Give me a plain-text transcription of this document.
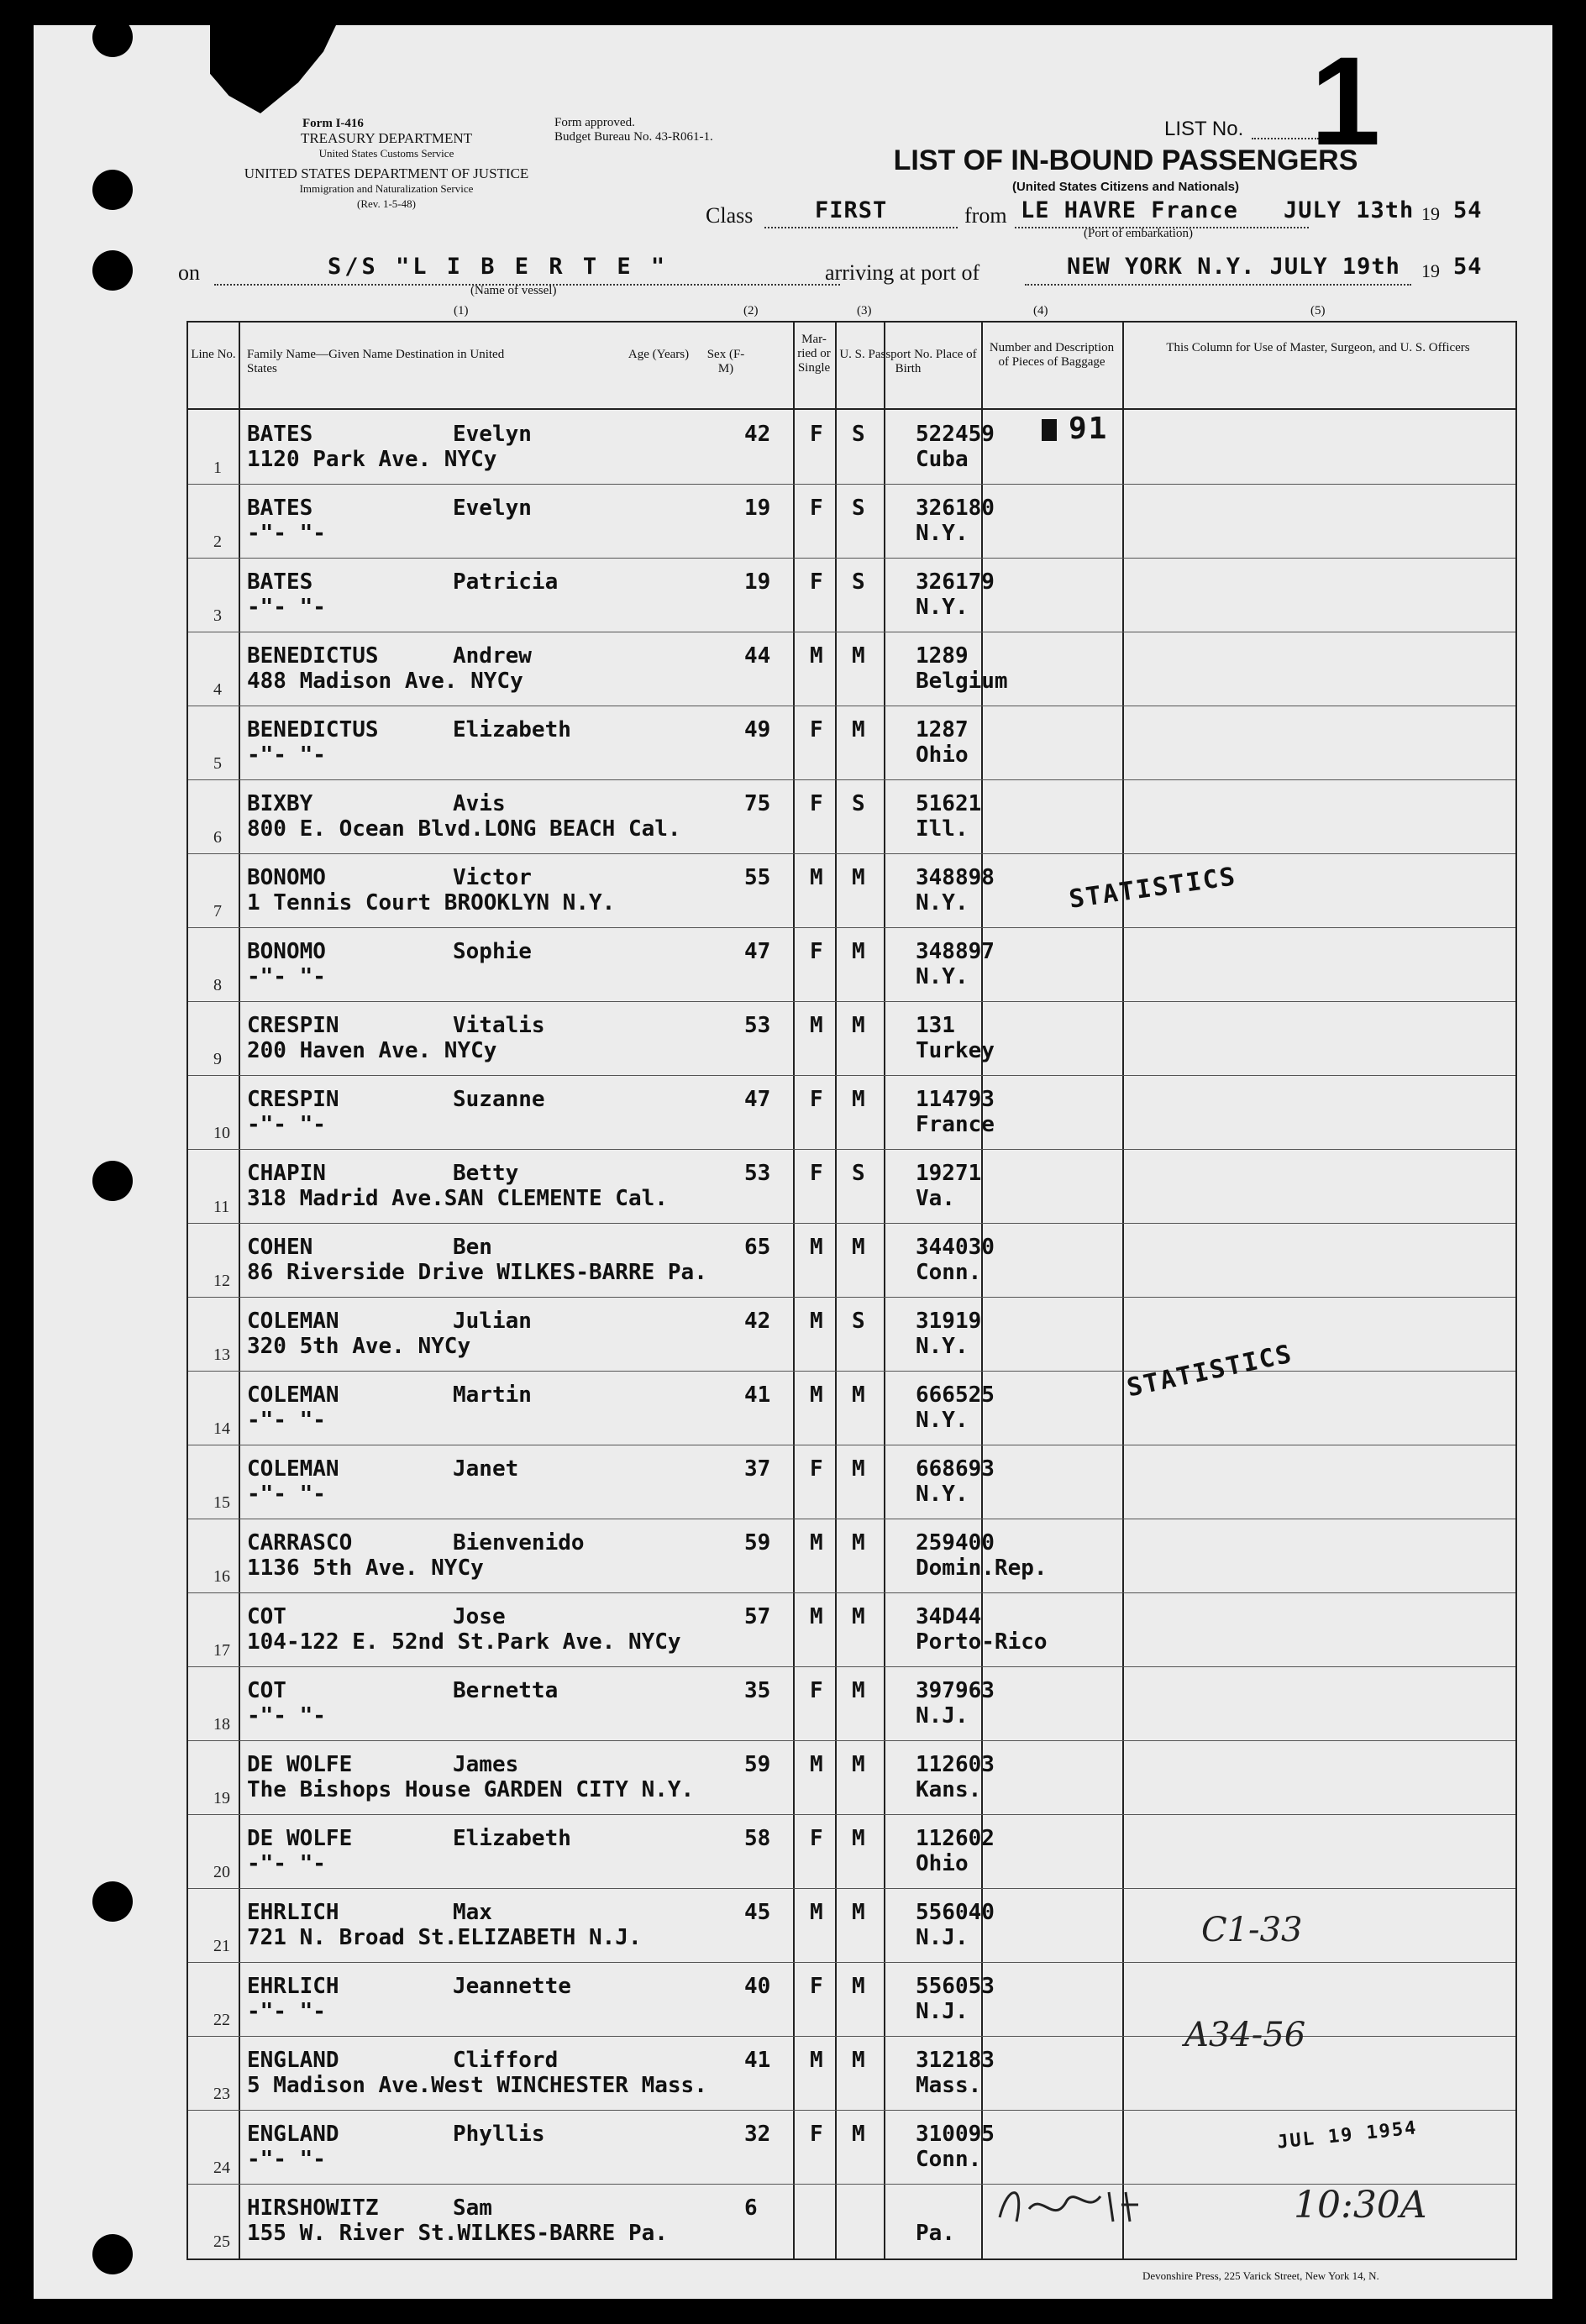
Form I-416
TREASURY DEPARTMENT
United States Customs Service
UNITED STATES DEPARTMENT OF JUSTICE
Immigration and Naturalization Service
(Rev. 1-5-48)
Form approved.
Budget Bureau No. 43-R061-1.	LIST No. 1
LIST OF IN-BOUND PASSENGERS
(United States Citizens and Nationals)
Class	FIRST	from LE HAVRE France JULY 13th 19 54
(Port of embarkation)
on	S/S "L I B E R T E "
(Name of vessel)
arriving at port of	NEW YORK N.Y. JULY 19th 19 54
(1)	(2)	(3)	(4)	(5)
Line No. Family Name—Given Name Destination in United States
Age (Years)	Sex (F-M)
Mar- ried or Single
U. S. Passport No. Place of Birth
Number and Description of Pieces of Baggage
This Column for Use of Master, Surgeon, and U. S. Officers
1
BATES	Evelyn	42 F S 522459
1120 Park Ave. NYCy	Cuba
2
BATES	Evelyn	19 F S 326180
-"- "-	N.Y.
3
BATES	Patricia	19 F S 326179
-"- "-	N.Y.
4
BENEDICTUS	Andrew	44 M M 1289
488 Madison Ave. NYCy	Belgium
5
BENEDICTUS	Elizabeth	49 F M 1287
-"- "-	Ohio
6
BIXBY	Avis	75 F S 51621
800 E. Ocean Blvd.LONG BEACH Cal.	Ill.
7
BONOMO	Victor	55 M M 348898
1 Tennis Court BROOKLYN N.Y.	N.Y.
8
BONOMO	Sophie	47 F M 348897
-"- "-	N.Y.
9
CRESPIN	Vitalis	53 M M 131
200 Haven Ave. NYCy	Turkey
10
CRESPIN	Suzanne	47 F M 114793
-"- "-	France
11
CHAPIN	Betty	53 F S 19271
318 Madrid Ave.SAN CLEMENTE Cal.	Va.
12
COHEN	Ben	65 M M 344030
86 Riverside Drive WILKES-BARRE Pa.	Conn.
13
COLEMAN	Julian	42 M S 31919
320 5th Ave. NYCy	N.Y.
14
COLEMAN	Martin	41 M M 666525
-"- "-	N.Y.
15
COLEMAN	Janet	37 F M 668693
-"- "-	N.Y.
16
CARRASCO	Bienvenido	59 M M 259400
1136 5th Ave. NYCy	Domin.Rep.
17
COT	Jose	57 M M 34D44
104-122 E. 52nd St.Park Ave. NYCy	Porto-Rico
18
COT	Bernetta	35 F M 397963
-"- "-	N.J.
19
DE WOLFE	James	59 M M 112603
The Bishops House GARDEN CITY N.Y.	Kans.
20
DE WOLFE	Elizabeth	58 F M 112602
-"- "-	Ohio
21
EHRLICH	Max	45 M M 556040
721 N. Broad St.ELIZABETH N.J.	N.J.
22
EHRLICH	Jeannette	40 F M 556053
-"- "-	N.J.
23
ENGLAND	Clifford	41 M M 312183
5 Madison Ave.West WINCHESTER Mass.	Mass.
24
ENGLAND	Phyllis	32 F M 310095
-"- "-	Conn.
25
HIRSHOWITZ	Sam	6
155 W. River St.WILKES-BARRE Pa.	Pa.
91
STATISTICS
STATISTICS
C1-33
A34-56
JUL 19 1954
10:30A
Devonshire Press, 225 Varick Street, New York 14, N.
